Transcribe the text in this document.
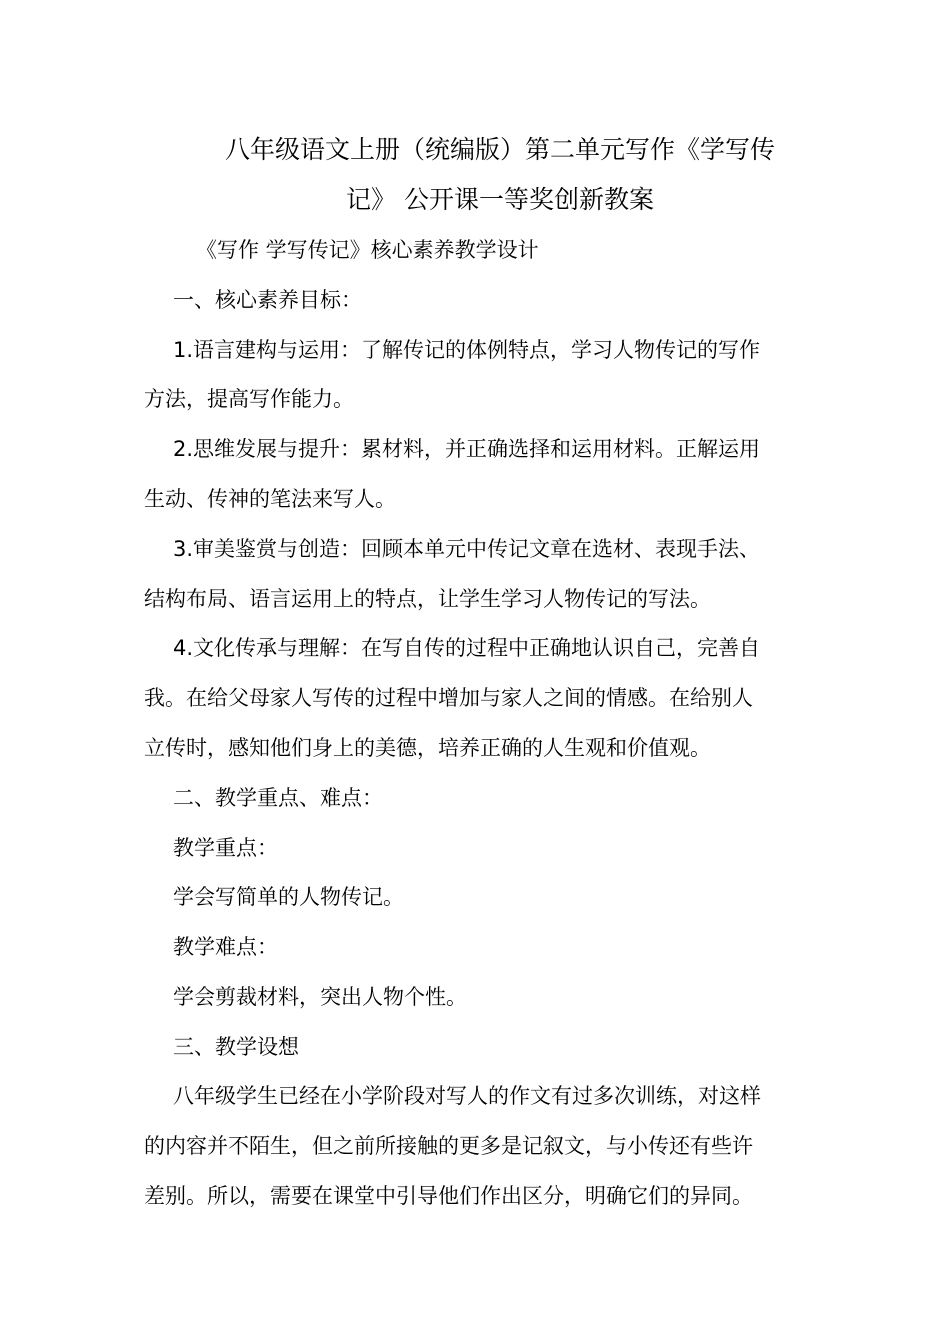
八年级语文上册（统编版）第二单元写作《学写传
记》 公开课一等奖创新教案
《写作 学写传记》核心素养教学设计
一、核心素养目标：
1.语言建构与运用：了解传记的体例特点，学习人物传记的写作
方法，提高写作能力。
2.思维发展与提升：累材料，并正确选择和运用材料。正解运用
生动、传神的笔法来写人。
3.审美鉴赏与创造：回顾本单元中传记文章在选材、表现手法、
结构布局、语言运用上的特点，让学生学习人物传记的写法。
4.文化传承与理解：在写自传的过程中正确地认识自己，完善自
我。在给父母家人写传的过程中增加与家人之间的情感。在给别人
立传时，感知他们身上的美德，培养正确的人生观和价值观。
二、教学重点、难点：
教学重点：
学会写简单的人物传记。
教学难点：
学会剪裁材料，突出人物个性。
三、教学设想
八年级学生已经在小学阶段对写人的作文有过多次训练，对这样
的内容并不陌生，但之前所接触的更多是记叙文，与小传还有些许
差别。所以，需要在课堂中引导他们作出区分，明确它们的异同。
